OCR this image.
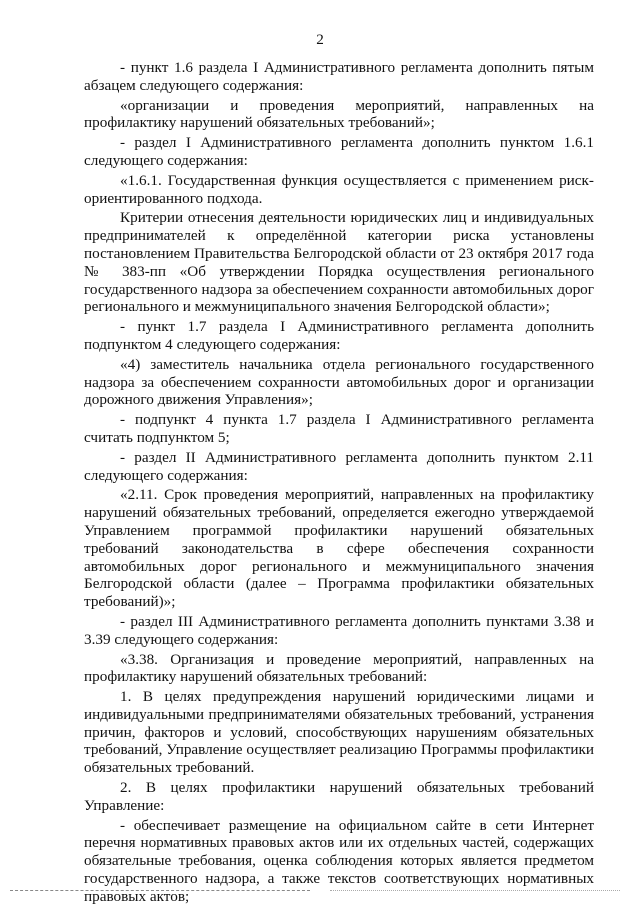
2

- пункт 1.6 раздела I Административного регламента дополнить пятым абзацем следующего содержания:

«организации и проведения мероприятий, направленных на профилактику нарушений обязательных требований»;

- раздел I Административного регламента дополнить пунктом 1.6.1 следующего содержания:

«1.6.1. Государственная функция осуществляется с применением риск-ориентированного подхода.

Критерии отнесения деятельности юридических лиц и индивидуальных предпринимателей к определённой категории риска установлены постановлением Правительства Белгородской области от 23 октября 2017 года № 383-пп «Об утверждении Порядка осуществления регионального государственного надзора за обеспечением сохранности автомобильных дорог регионального и межмуниципального значения Белгородской области»;

- пункт 1.7 раздела I Административного регламента дополнить подпунктом 4 следующего содержания:

«4) заместитель начальника отдела регионального государственного надзора за обеспечением сохранности автомобильных дорог и организации дорожного движения Управления»;

- подпункт 4 пункта 1.7 раздела I Административного регламента считать подпунктом 5;

- раздел II Административного регламента дополнить пунктом 2.11 следующего содержания:

«2.11. Срок проведения мероприятий, направленных на профилактику нарушений обязательных требований, определяется ежегодно утверждаемой Управлением программой профилактики нарушений обязательных требований законодательства в сфере обеспечения сохранности автомобильных дорог регионального и межмуниципального значения Белгородской области (далее – Программа профилактики обязательных требований)»;

- раздел III Административного регламента дополнить пунктами 3.38 и 3.39 следующего содержания:

«3.38. Организация и проведение мероприятий, направленных на профилактику нарушений обязательных требований:

1. В целях предупреждения нарушений юридическими лицами и индивидуальными предпринимателями обязательных требований, устранения причин, факторов и условий, способствующих нарушениям обязательных требований, Управление осуществляет реализацию Программы профилактики обязательных требований.

2. В целях профилактики нарушений обязательных требований Управление:

- обеспечивает размещение на официальном сайте в сети Интернет перечня нормативных правовых актов или их отдельных частей, содержащих обязательные требования, оценка соблюдения которых является предметом государственного надзора, а также текстов соответствующих нормативных правовых актов;
